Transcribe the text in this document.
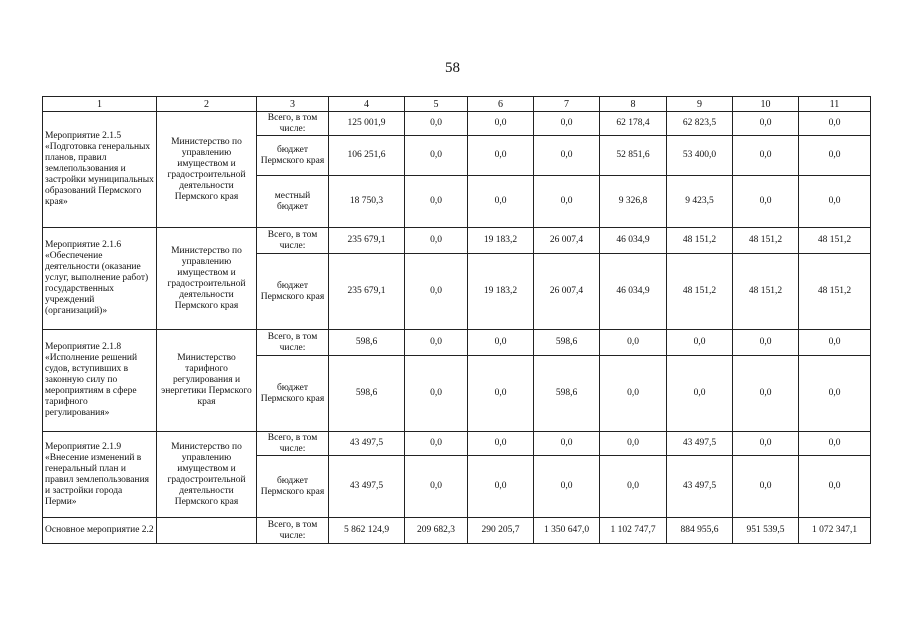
58
1	2	3	4	5	6	7	8	9	10	11
Мероприятие 2.1.5 «Подготовка генеральных планов, правил землепользования и застройки муниципальных образований Пермского края»	Министерство по управлению имуществом и градостроительной деятельности Пермского края	Всего, в том числе:	125 001,9	0,0	0,0	0,0	62 178,4	62 823,5	0,0	0,0
		бюджет Пермского края	106 251,6	0,0	0,0	0,0	52 851,6	53 400,0	0,0	0,0
		местный бюджет	18 750,3	0,0	0,0	0,0	9 326,8	9 423,5	0,0	0,0
Мероприятие 2.1.6 «Обеспечение деятельности (оказание услуг, выполнение работ) государственных учреждений (организаций)»	Министерство по управлению имуществом и градостроительной деятельности Пермского края	Всего, в том числе:	235 679,1	0,0	19 183,2	26 007,4	46 034,9	48 151,2	48 151,2	48 151,2
		бюджет Пермского края	235 679,1	0,0	19 183,2	26 007,4	46 034,9	48 151,2	48 151,2	48 151,2
Мероприятие 2.1.8 «Исполнение решений судов, вступивших в законную силу по мероприятиям в сфере тарифного регулирования»	Министерство тарифного регулирования и энергетики Пермского края	Всего, в том числе:	598,6	0,0	0,0	598,6	0,0	0,0	0,0	0,0
		бюджет Пермского края	598,6	0,0	0,0	598,6	0,0	0,0	0,0	0,0
Мероприятие 2.1.9 «Внесение изменений в генеральный план и правил землепользования и застройки города Перми»	Министерство по управлению имуществом и градостроительной деятельности Пермского края	Всего, в том числе:	43 497,5	0,0	0,0	0,0	0,0	43 497,5	0,0	0,0
		бюджет Пермского края	43 497,5	0,0	0,0	0,0	0,0	43 497,5	0,0	0,0
Основное мероприятие 2.2		Всего, в том числе:	5 862 124,9	209 682,3	290 205,7	1 350 647,0	1 102 747,7	884 955,6	951 539,5	1 072 347,1
